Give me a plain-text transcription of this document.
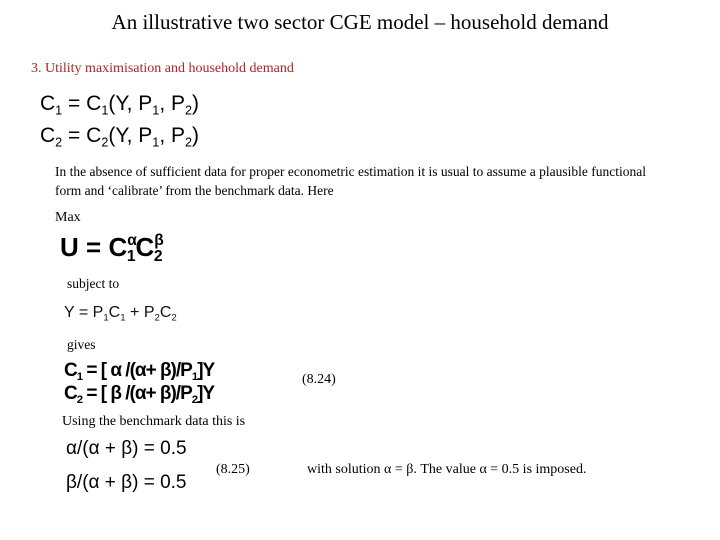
An illustrative two sector CGE model – household demand
3. Utility maximisation and household demand
$C_1 = C_1(Y$, $P_1$, $P_2$)
$C_2 = C_2(Y$, $P_1$, $P_2$)
In the absence of sufficient data for proper econometric estimation it is usual to assume a plausible functional form and ‘calibrate’ from the benchmark data. Here
Max
$U = C^\alpha_1C^\beta_2$
subject to
$Y = P_1C_1 + P_2C_2$
gives
$C_1$ = [ α $/(\alpha+ \beta)/P_1]Y$
$C_2$ = [ β $/(\alpha+ \beta)/P_2]Y$
(8.24)
Using the benchmark data this is
α/(α + β) = 0.5
β/(α + β) = 0.5
(8.25)	with solution α = β. The value α = 0.5 is imposed.
